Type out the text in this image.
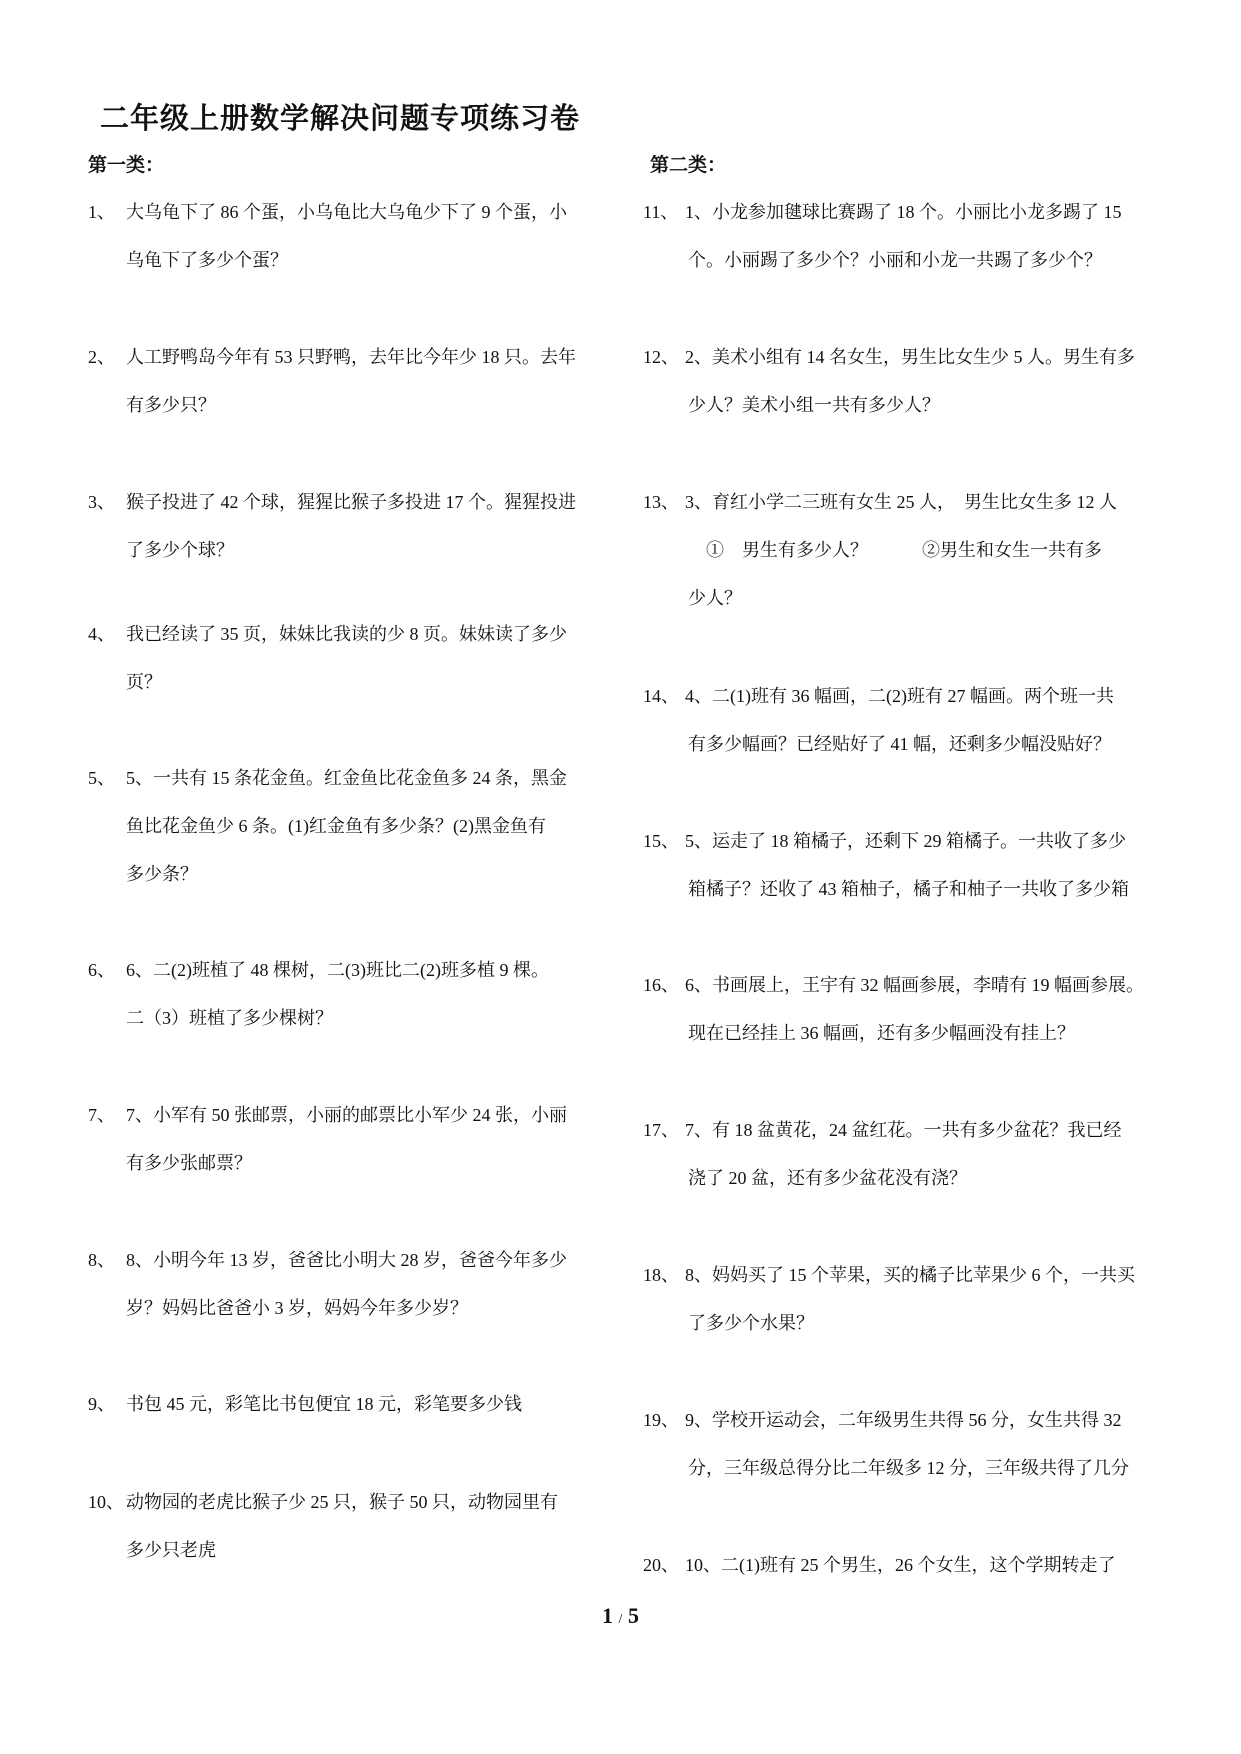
二年级上册数学解决问题专项练习卷
第一类：	第二类：
1、 大乌龟下了 86 个蛋，小乌龟比大乌龟少下了 9 个蛋，小
乌龟下了多少个蛋？
2、 人工野鸭岛今年有 53 只野鸭，去年比今年少 18 只。去年
有多少只？
3、 猴子投进了 42 个球，猩猩比猴子多投进 17 个。猩猩投进
了多少个球？
4、 我已经读了 35 页，妹妹比我读的少 8 页。妹妹读了多少
页？
5、 5、一共有 15 条花金鱼。红金鱼比花金鱼多 24 条，黑金
鱼比花金鱼少 6 条。(1)红金鱼有多少条？(2)黑金鱼有
多少条？
6、 6、二(2)班植了 48 棵树，二(3)班比二(2)班多植 9 棵。
二（3）班植了多少棵树？
7、 7、小军有 50 张邮票，小丽的邮票比小军少 24 张，小丽
有多少张邮票？
8、 8、小明今年 13 岁，爸爸比小明大 28 岁，爸爸今年多少
岁？妈妈比爸爸小 3 岁，妈妈今年多少岁？
9、 书包 45 元，彩笔比书包便宜 18 元，彩笔要多少钱
10、 动物园的老虎比猴子少 25 只，猴子 50 只，动物园里有
多少只老虎
11、 1、小龙参加毽球比赛踢了 18 个。小丽比小龙多踢了 15
个。小丽踢了多少个？小丽和小龙一共踢了多少个？
12、 2、美术小组有 14 名女生，男生比女生少 5 人。男生有多
少人？美术小组一共有多少人？
13、 3、育红小学二三班有女生 25 人，　男生比女生多 12 人
　①　男生有多少人？　　　②男生和女生一共有多
少人？
14、 4、二(1)班有 36 幅画，二(2)班有 27 幅画。两个班一共
有多少幅画？已经贴好了 41 幅，还剩多少幅没贴好？
15、 5、运走了 18 箱橘子，还剩下 29 箱橘子。一共收了多少
箱橘子？还收了 43 箱柚子，橘子和柚子一共收了多少箱
16、 6、书画展上，王宇有 32 幅画参展，李晴有 19 幅画参展。
现在已经挂上 36 幅画，还有多少幅画没有挂上？
17、 7、有 18 盆黄花，24 盆红花。一共有多少盆花？我已经
浇了 20 盆，还有多少盆花没有浇？
18、 8、妈妈买了 15 个苹果，买的橘子比苹果少 6 个，一共买
了多少个水果？
19、 9、学校开运动会，二年级男生共得 56 分，女生共得 32
分，三年级总得分比二年级多 12 分，三年级共得了几分
20、 10、二(1)班有 25 个男生，26 个女生，这个学期转走了
1 / 5
